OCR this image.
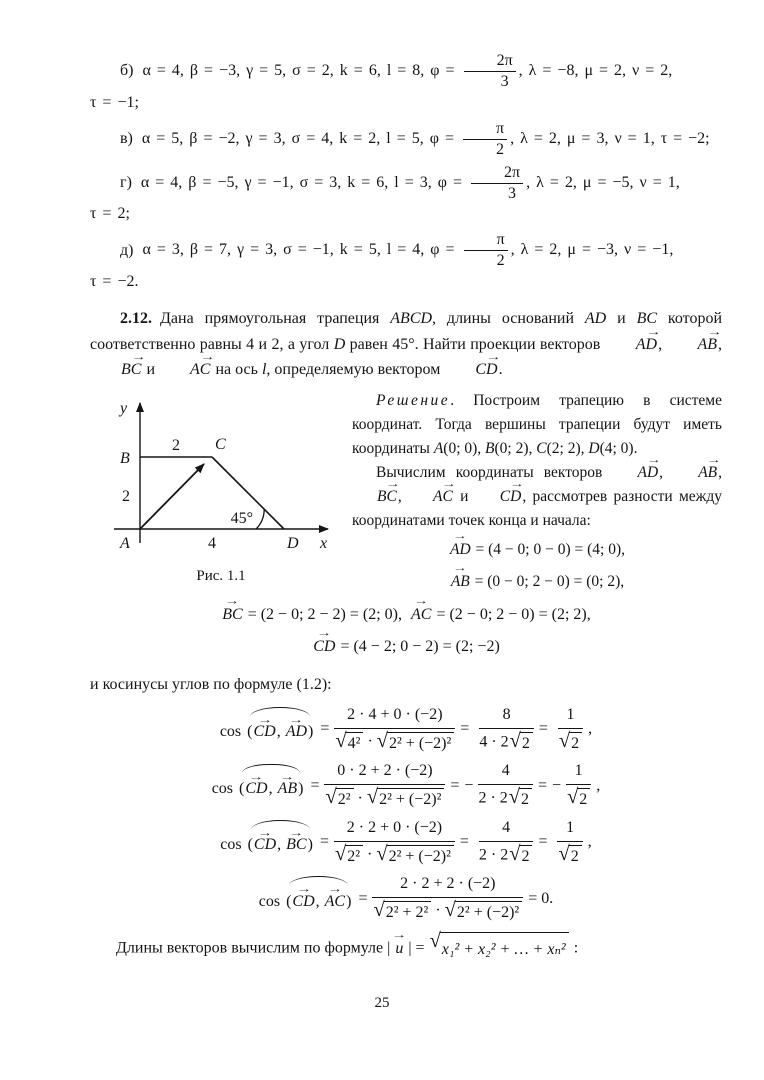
б) α = 4, β = −3, γ = 5, σ = 2, k = 6, l = 8, $\varphi = \frac{2\pi}{3}$ , λ = −8, μ = 2, ν = 2, τ = −1;

в) α = 5, β = −2, γ = 3, σ = 4, k = 2, l = 5, $\varphi = \frac{\pi}{2}$ , λ = 2, μ = 3, ν = 1, τ = −2;

г) α = 4, β = −5, γ = −1, σ = 3, k = 6, l = 3, $\varphi = \frac{2\pi}{3}$ , λ = 2, μ = −5, ν = 1, τ = 2;

д) α = 3, β = 7, γ = 3, σ = −1, k = 5, l = 4, $\varphi = \frac{\pi}{2}$ , λ = 2, μ = −3, ν = −1, τ = −2.

2.12. Дана прямоугольная трапеция ABCD, длины оснований AD и BC которой соответственно равны 4 и 2, а угол D равен 45°. Найти проекции векторов → AD, → AB, → BC и → AC на ось l, определяемую вектором → CD.

y
x
B
C
A	D
2
2
4
45°
Рис. 1.1

Решение. Построим трапецию в системе координат. Тогда вершины трапеции будут иметь координаты A(0; 0), B(0; 2), C(2; 2), D(4; 0).

Вычислим координаты векторов → AD, → AB, → BC, → AC и → CD, рассмотрев разности между координатами точек конца и начала:

→ AD = (4 − 0; 0 − 0) = (4; 0),
→ AB = (0 − 0; 2 − 0) = (0; 2),
→ BC = (2 − 0; 2 − 2) = (2; 0), → AC = (2 − 0; 2 − 0) = (2; 2),
→ CD = (4 − 2; 0 − 2) = (2; −2)

и косинусы углов по формуле (1.2):

cos (→ CD, → $AD) = \frac{2 \cdot 4 + 0 \cdot (-2)}{\text{√ 4² · √ 2² + (−2)²}} = \frac{8}{4 \cdot 2 √ 2} = \frac{1}{√ 2}$ ,
cos (→ CD, → $AB) = \frac{0 \cdot 2 + 2 \cdot (-2)}{\text{√ 2² · √ 2² + (−2)²}}$ = − $\frac{4}{2 \cdot 2 √ 2}$ = − $\frac{1}{√ 2}$ ,
cos (→ CD, → $BC) = \frac{2 \cdot 2 + 0 \cdot (-2)}{\text{√ 2² · √ 2² + (−2)²}} = \frac{4}{2 \cdot 2 √ 2} = \frac{1}{√ 2}$ ,
cos (→ CD, → $AC) = \frac{2 \cdot 2 + 2 \cdot (-2)}{\text{√ 2² + 2² · √ 2² + (−2)²}} = 0$.

Длины векторов вычислим по формуле | → u | = √ x₁² + x₂² + … + xₙ² :

25
